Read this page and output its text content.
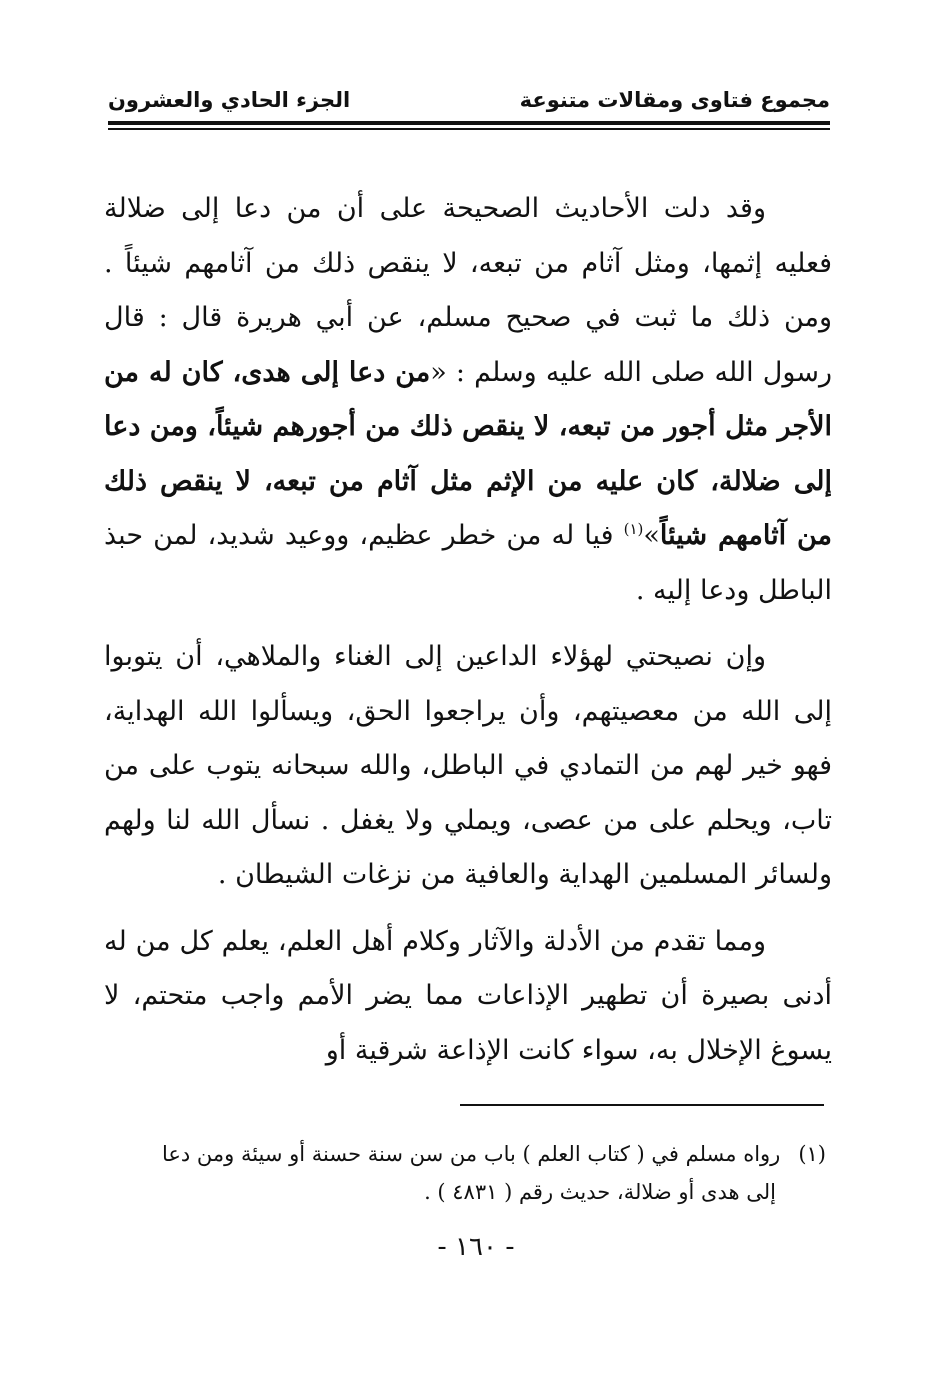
مجموع فتاوى ومقالات متنوعة
الجزء الحادي والعشرون

وقد دلت الأحاديث الصحيحة على أن من دعا إلى ضلالة فعليه إثمها، ومثل آثام من تبعه، لا ينقص ذلك من آثامهم شيئاً . ومن ذلك ما ثبت في صحيح مسلم، عن أبي هريرة قال : قال رسول الله صلى الله عليه وسلم : «من دعا إلى هدى، كان له من الأجر مثل أجور من تبعه، لا ينقص ذلك من أجورهم شيئاً، ومن دعا إلى ضلالة، كان عليه من الإثم مثل آثام من تبعه، لا ينقص ذلك من آثامهم شيئاً»$^{(١)}$ فيا له من خطر عظيم، ووعيد شديد، لمن حبذ الباطل ودعا إليه .

وإن نصيحتي لهؤلاء الداعين إلى الغناء والملاهي، أن يتوبوا إلى الله من معصيتهم، وأن يراجعوا الحق، ويسألوا الله الهداية، فهو خير لهم من التمادي في الباطل، والله سبحانه يتوب على من تاب، ويحلم على من عصى، ويملي ولا يغفل . نسأل الله لنا ولهم ولسائر المسلمين الهداية والعافية من نزغات الشيطان .

ومما تقدم من الأدلة والآثار وكلام أهل العلم، يعلم كل من له أدنى بصيرة أن تطهير الإذاعات مما يضر الأمم واجب متحتم، لا يسوغ الإخلال به، سواء كانت الإذاعة شرقية أو

(١)رواه مسلم في ( كتاب العلم ) باب من سن سنة حسنة أو سيئة ومن دعا
إلى هدى أو ضلالة، حديث رقم ( ٤٨٣١ ) .
- ١٦٠ -
